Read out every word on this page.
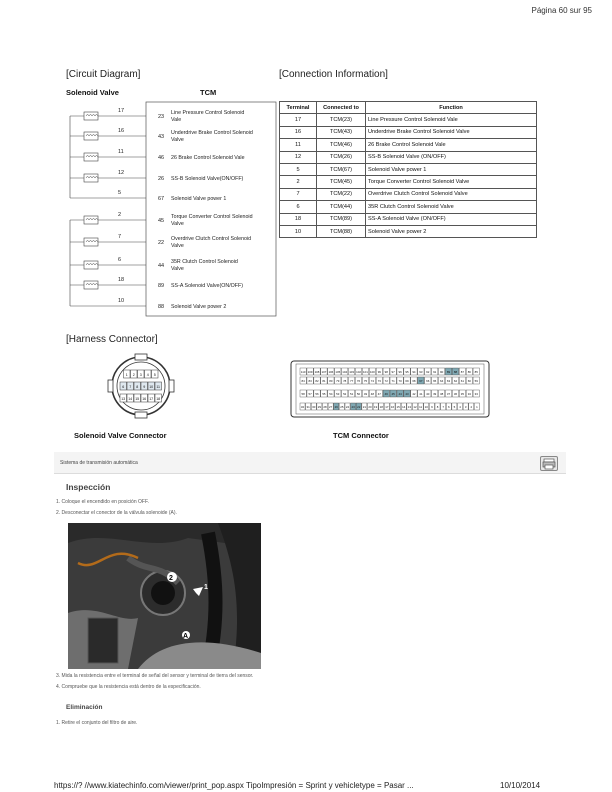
Página 60 sur 95
[Circuit Diagram]
Solenoid Valve	TCM
17
23
Line Pressure Control Solenoid
Vale
16
43
Underdrive Brake Control Solenoid
Valve
11
46 26 Brake Control Solenoid Vale
12
26 SS-B Solenoid Valve(ON/OFF)
5
67 Solenoid Valve power 1
2
45
Torque Converter Control Solenoid
Valve
7
22
Overdrive Clutch Control Solenoid
Valve
6
44
35R Clutch Control Solenoid
Valve
18
89 SS-A Solenoid Valve(ON/OFF)
10
88 Solenoid Valve power 2
[Connection Information]
Terminal	Connected to	Function
17	TCM(23)	Line Pressure Control Solenoid Vale
16	TCM(43)	Underdrive Brake Control Solenoid Valve
11	TCM(46)	26 Brake Control Solenoid Vale
12	TCM(26)	SS-B Solenoid Valve (ON/OFF)
5	TCM(67)	Solenoid Valve power 1
2	TCM(45)	Torque Converter Control Solenoid Valve
7	TCM(22)	Overdrive Clutch Control Solenoid Valve
6	TCM(44)	35R Clutch Control Solenoid Valve
18	TCM(89)	SS-A Solenoid Valve (ON/OFF)
10	TCM(88)	Solenoid Valve power 2
[Harness Connector]
1 2 3 4 5
6 7 8 9 10 11
13 14 15 16 17 18
Solenoid Valve Connector
110 109 108 107 106 105 104 103 102 101 100 99 98 97 96 95 94 93 92 91 90 89 88 87 86 85
84 83 82 81 80 79 78 77 76 75 74 73 72 71 70 69 68 67 66 65 64 63 62 61 60 59
58 57 56 55 54 53 52 51 50 49 48 47 46 45 44 43 42 41 40 39 38 37 36 35 34 33
32 31 30 29 28 27 26 25 24 23 22 21 20 19 18 17 16 15 14 13 12 11 10 9 8 7 6 5 4 3 2 1
TCM Connector
Sistema de transmisión automática
Inspección
1. Coloque el encendido en posición OFF.
2. Desconectar el conector de la válvula solenoide (A).
2
1
A
3. Mida la resistencia entre el terminal de señal del sensor y terminal de tierra del sensor.
4. Compruebe que la resistencia está dentro de la especificación.
Eliminación
1. Retire el conjunto del filtro de aire.
https://? //www.kiatechinfo.com/viewer/print_pop.aspx TipoImpresión = Sprint y vehicletype = Pasar ...	10/10/2014
